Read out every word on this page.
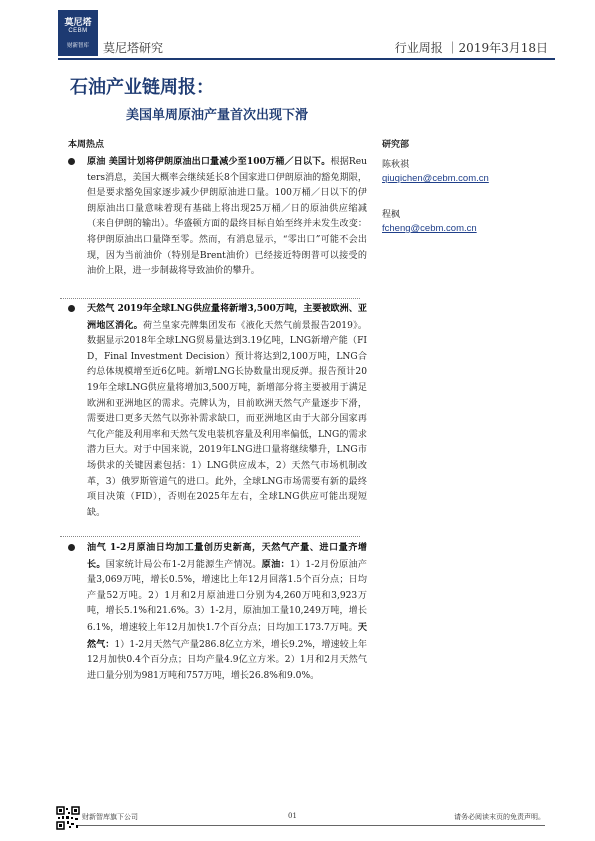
莫尼塔
CEBM
财新智库	莫尼塔研究	行业周报 ｜2019年3月18日
石油产业链周报：
美国单周原油产量首次出现下滑
本周热点	研究部
陈秋祺
qiuqichen@cebm.com.cn
程枫
fcheng@cebm.com.cn
原油 美国计划将伊朗原油出口量减少至100万桶／日以下。根据Reuters消息，美国大概率会继续延长8个国家进口伊朗原油的豁免期限，但是要求豁免国家逐步减少伊朗原油进口量。100万桶／日以下的伊朗原油出口量意味着现有基础上将出现25万桶／日的原油供应缩减（来自伊朗的输出）。华盛顿方面的最终目标自始至终并未发生改变：将伊朗原油出口量降至零。然而，有消息显示，“零出口”可能不会出现，因为当前油价（特别是Brent油价）已经接近特朗普可以接受的油价上限，进一步制裁将导致油价的攀升。
天然气 2019年全球LNG供应量将新增3,500万吨，主要被欧洲、亚洲地区消化。荷兰皇家壳牌集团发布《液化天然气前景报告2019》。数据显示2018年全球LNG贸易量达到3.19亿吨，LNG新增产能（FID，Final Investment Decision）预计将达到2,100万吨，LNG合约总体规模增至近6亿吨。新增LNG长协数量出现反弹。报告预计2019年全球LNG供应量将增加3,500万吨，新增部分将主要被用于满足欧洲和亚洲地区的需求。壳牌认为，目前欧洲天然气产量逐步下滑，需要进口更多天然气以弥补需求缺口，而亚洲地区由于大部分国家再气化产能及利用率和天然气发电装机容量及利用率偏低，LNG的需求潜力巨大。对于中国来说，2019年LNG进口量将继续攀升，LNG市场供求的关键因素包括：1）LNG供应成本，2）天然气市场机制改革，3）俄罗斯管道气的进口。此外，全球LNG市场需要有新的最终项目决策（FID），否则在2025年左右，全球LNG供应可能出现短缺。
油气 1-2月原油日均加工量创历史新高，天然气产量、进口量齐增长。国家统计局公布1-2月能源生产情况。原油：1）1-2月份原油产量3,069万吨，增长0.5%，增速比上年12月回落1.5个百分点；日均产量52万吨。2）1月和2月原油进口分别为4,260万吨和3,923万吨，增长5.1%和21.6%。3）1-2月，原油加工量10,249万吨，增长6.1%，增速较上年12月加快1.7个百分点；日均加工173.7万吨。天然气：1）1-2月天然气产量286.8亿立方米，增长9.2%，增速较上年12月加快0.4个百分点；日均产量4.9亿立方米。2）1月和2月天然气进口量分别为981万吨和757万吨，增长26.8%和9.0%。
财新智库旗下公司	01	请务必阅读末页的免责声明。
